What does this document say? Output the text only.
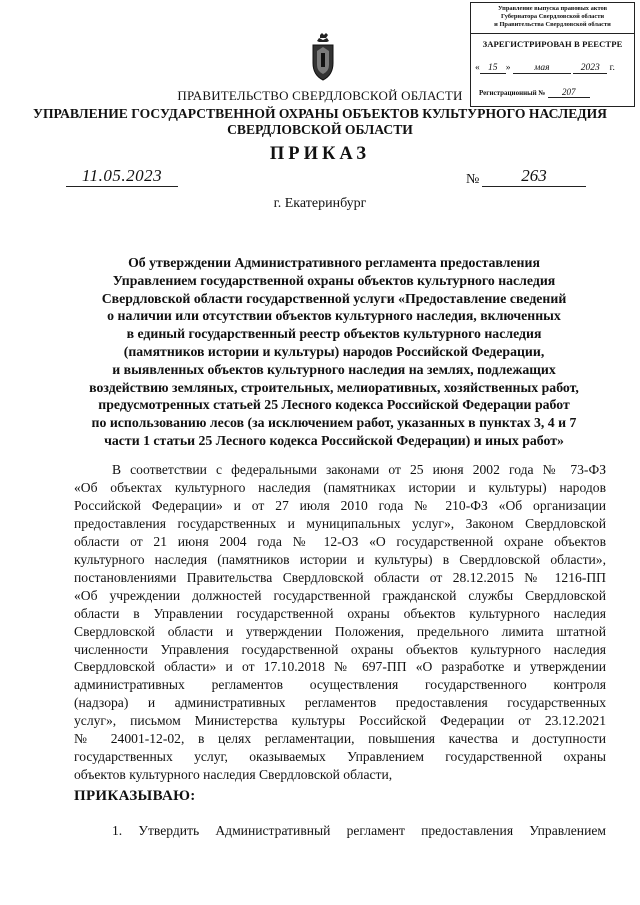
Управление выпуска правовых актов
Губернатора Свердловской области
и Правительства Свердловской области
ЗАРЕГИСТРИРОВАН В РЕЕСТРЕ
« 15 » мая	2023 г.
Регистрационный № 207
ПРАВИТЕЛЬСТВО СВЕРДЛОВСКОЙ ОБЛАСТИ
УПРАВЛЕНИЕ ГОСУДАРСТВЕННОЙ ОХРАНЫ ОБЪЕКТОВ КУЛЬТУРНОГО НАСЛЕДИЯ
СВЕРДЛОВСКОЙ ОБЛАСТИ
ПРИКАЗ
11.05.2023	№	263
г. Екатеринбург
Об утверждении Административного регламента предоставления
Управлением государственной охраны объектов культурного наследия
Свердловской области государственной услуги «Предоставление сведений
о наличии или отсутствии объектов культурного наследия, включенных
в единый государственный реестр объектов культурного наследия
(памятников истории и культуры) народов Российской Федерации,
и выявленных объектов культурного наследия на землях, подлежащих
воздействию земляных, строительных, мелиоративных, хозяйственных работ,
предусмотренных статьей 25 Лесного кодекса Российской Федерации работ
по использованию лесов (за исключением работ, указанных в пунктах 3, 4 и 7
части 1 статьи 25 Лесного кодекса Российской Федерации) и иных работ»
В соответствии с федеральными законами от 25 июня 2002 года № 73-ФЗ
«Об объектах культурного наследия (памятниках истории и культуры) народов
Российской Федерации» и от 27 июля 2010 года № 210-ФЗ «Об организации
предоставления государственных и муниципальных услуг», Законом Свердловской
области от 21 июня 2004 года № 12-ОЗ «О государственной охране объектов
культурного наследия (памятников истории и культуры) в Свердловской области»,
постановлениями Правительства Свердловской области от 28.12.2015 № 1216-ПП
«Об учреждении должностей государственной гражданской службы Свердловской
области в Управлении государственной охраны объектов культурного наследия
Свердловской области и утверждении Положения, предельного лимита штатной
численности Управления государственной охраны объектов культурного наследия
Свердловской области» и от 17.10.2018 № 697-ПП «О разработке и утверждении
административных регламентов осуществления государственного контроля
(надзора) и административных регламентов предоставления государственных
услуг», письмом Министерства культуры Российской Федерации от 23.12.2021
№ 24001-12-02, в целях регламентации, повышения качества и доступности
государственных услуг, оказываемых Управлением государственной охраны
объектов культурного наследия Свердловской области,
ПРИКАЗЫВАЮ:
1. Утвердить Административный регламент предоставления Управлением
